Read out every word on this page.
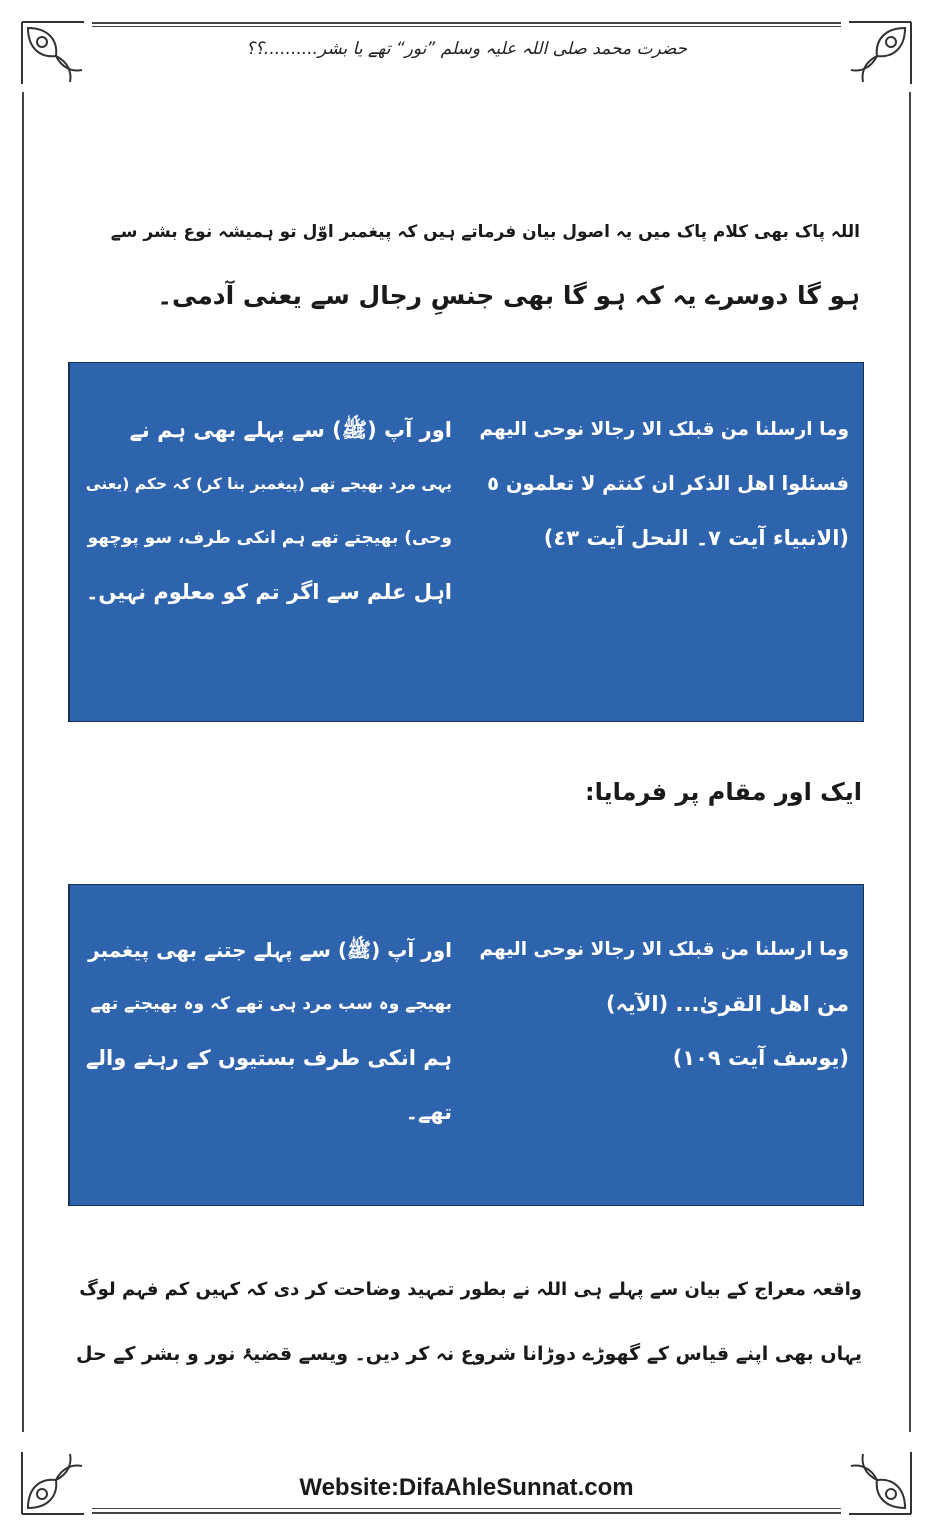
حضرت محمد صلی اللہ علیہ وسلم ”نور“ تھے یا بشر..........؟؟
اللہ پاک بھی کلام پاک میں یہ اصول بیان فرماتے ہیں کہ پیغمبر اوّل تو ہمیشہ نوع بشر سے
ہو گا دوسرے یہ کہ ہو گا بھی جنسِ رجال سے یعنی آدمی۔
اور آپ (ﷺ) سے پہلے بھی ہم نے
یہی مرد بھیجے تھے (پیغمبر بنا کر) کہ حکم (یعنی
وحی) بھیجتے تھے ہم انکی طرف، سو پوچھو
اہل علم سے اگر تم کو معلوم نہیں۔
وما ارسلنا من قبلک الا رجالا نوحی الیھم
فسئلوا اھل الذکر ان کنتم لا تعلمون ٥
(الانبیاء آیت ٧۔ النحل آیت ٤٣)
ایک اور مقام پر فرمایا:
اور آپ (ﷺ) سے پہلے جتنے بھی پیغمبر
بھیجے وہ سب مرد ہی تھے کہ وہ بھیجتے تھے
ہم انکی طرف بستیوں کے رہنے والے
تھے۔
وما ارسلنا من قبلک الا رجالا نوحی الیھم
من اھل القریٰ... (الآیہ)
(یوسف آیت ١٠٩)
واقعہ معراج کے بیان سے پہلے ہی اللہ نے بطور تمہید وضاحت کر دی کہ کہیں کم فہم لوگ
یہاں بھی اپنے قیاس کے گھوڑے دوڑانا شروع نہ کر دیں۔ ویسے قضیۂ نور و بشر کے حل
Website:DifaAhleSunnat.com
